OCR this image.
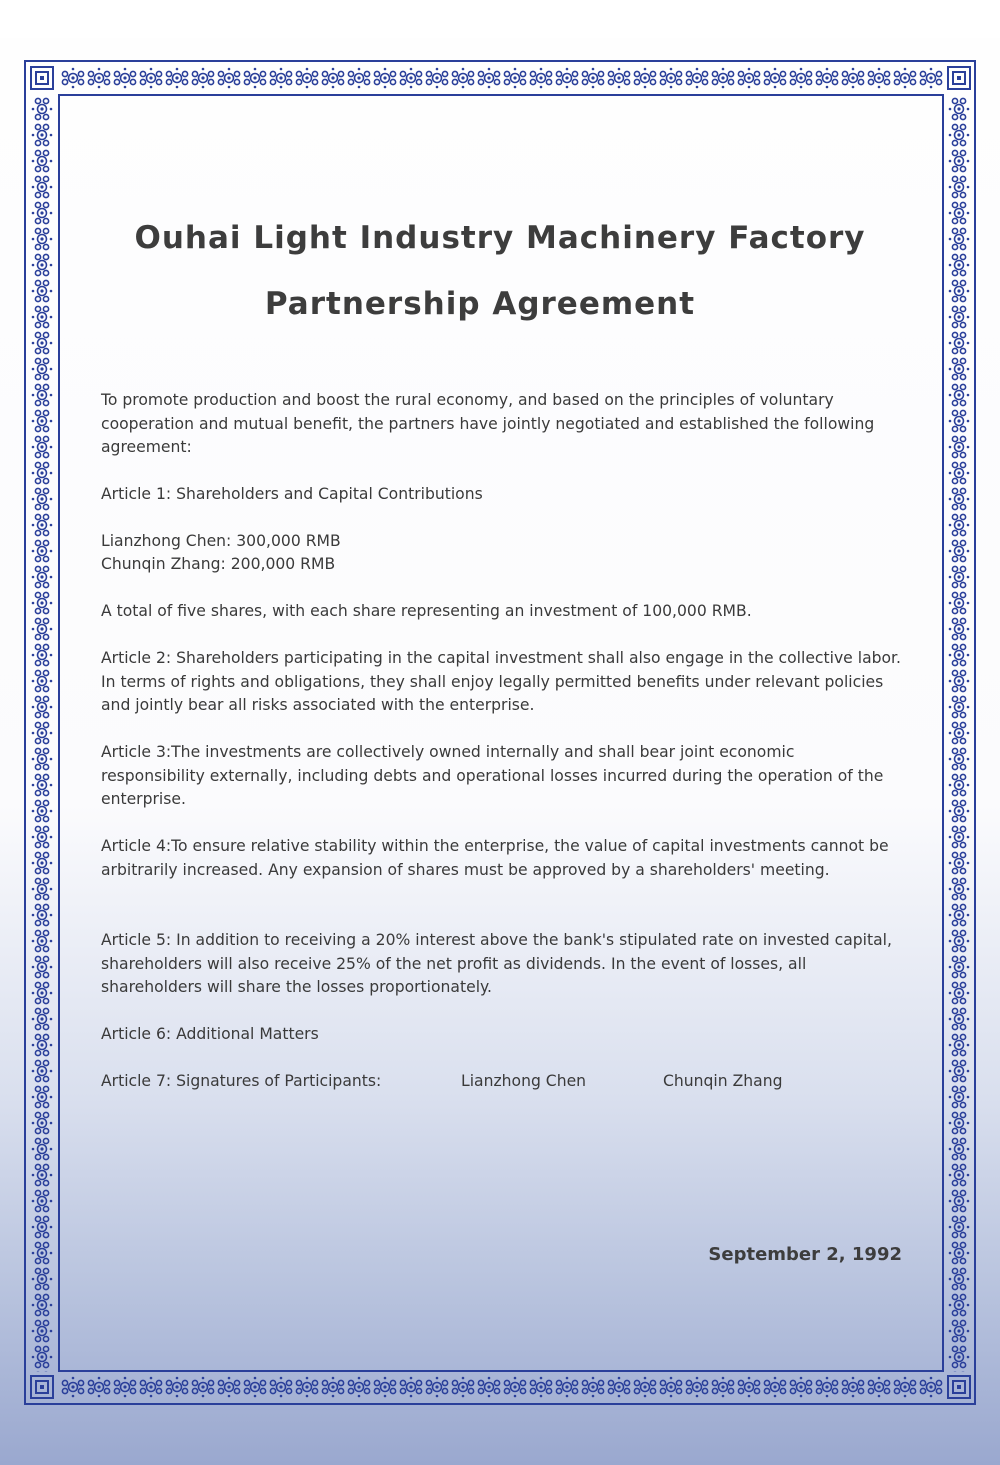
Ouhai Light Industry Machinery Factory
Partnership Agreement

To promote production and boost the rural economy, and based on the principles of voluntary cooperation and mutual benefit, the partners have jointly negotiated and established the following agreement:

Article 1: Shareholders and Capital Contributions

Lianzhong Chen: 300,000 RMB

Chunqin Zhang: 200,000 RMB

A total of five shares, with each share representing an investment of 100,000 RMB.

Article 2: Shareholders participating in the capital investment shall also engage in the collective labor. In terms of rights and obligations, they shall enjoy legally permitted benefits under relevant policies and jointly bear all risks associated with the enterprise.

Article 3:The investments are collectively owned internally and shall bear joint economic responsibility externally, including debts and operational losses incurred during the operation of the enterprise.

Article 4:To ensure relative stability within the enterprise, the value of capital investments cannot be arbitrarily increased. Any expansion of shares must be approved by a shareholders' meeting.

Article 5: In addition to receiving a 20% interest above the bank's stipulated rate on invested capital, shareholders will also receive 25% of the net profit as dividends. In the event of losses, all shareholders will share the losses proportionately.

Article 6: Additional Matters

Article 7: Signatures of Participants:	Lianzhong Chen	Chunqin Zhang
September 2, 1992
